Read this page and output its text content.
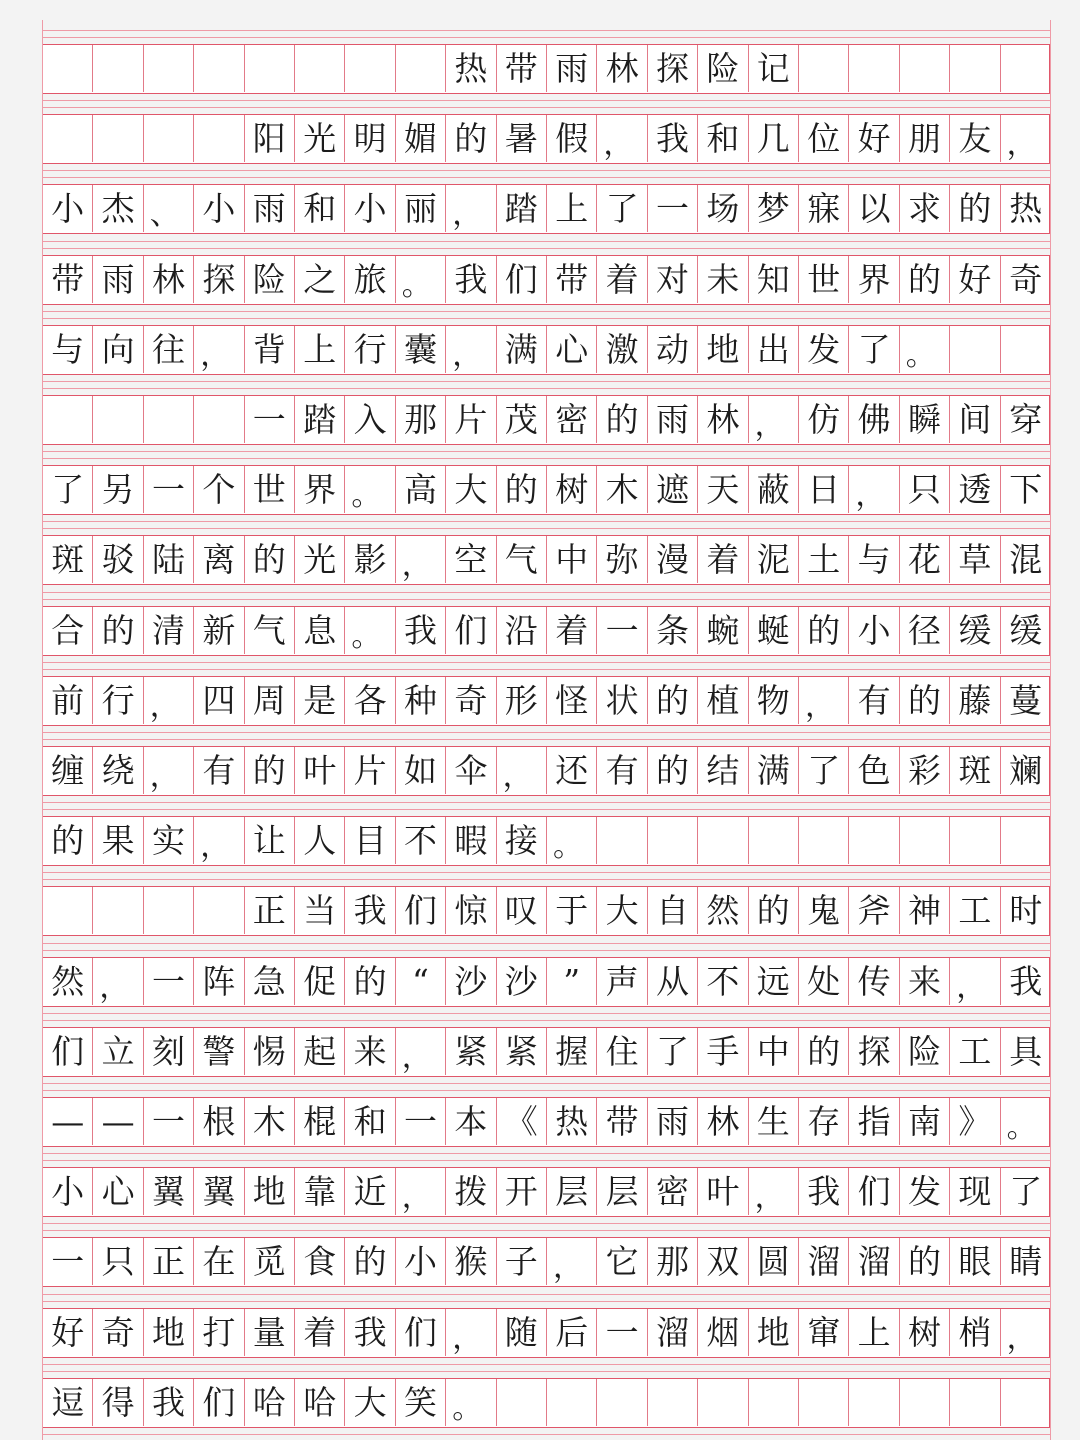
热 带 雨 林 探 险 记
阳 光 明 媚 的 暑 假 ， 我 和 几 位 好 朋 友 ，
小 杰 、 小 雨 和 小 丽 ， 踏 上 了 一 场 梦 寐 以 求 的 热
带 雨 林 探 险 之 旅 。 我 们 带 着 对 未 知 世 界 的 好 奇
与 向 往 ， 背 上 行 囊 ， 满 心 激 动 地 出 发 了 。
一 踏 入 那 片 茂 密 的 雨 林 ， 仿 佛 瞬 间 穿
了 另 一 个 世 界 。 高 大 的 树 木 遮 天 蔽 日 ， 只 透 下
斑 驳 陆 离 的 光 影 ， 空 气 中 弥 漫 着 泥 土 与 花 草 混
合 的 清 新 气 息 。 我 们 沿 着 一 条 蜿 蜒 的 小 径 缓 缓
前 行 ， 四 周 是 各 种 奇 形 怪 状 的 植 物 ， 有 的 藤 蔓
缠 绕 ， 有 的 叶 片 如 伞 ， 还 有 的 结 满 了 色 彩 斑 斓
的 果 实 ， 让 人 目 不 暇 接 。
正 当 我 们 惊 叹 于 大 自 然 的 鬼 斧 神 工 时
然 ， 一 阵 急 促 的 “ 沙 沙 ” 声 从 不 远 处 传 来 ， 我
们 立 刻 警 惕 起 来 ， 紧 紧 握 住 了 手 中 的 探 险 工 具
— — 一 根 木 棍 和 一 本 《 热 带 雨 林 生 存 指 南 》 。
小 心 翼 翼 地 靠 近 ， 拨 开 层 层 密 叶 ， 我 们 发 现 了
一 只 正 在 觅 食 的 小 猴 子 ， 它 那 双 圆 溜 溜 的 眼 睛
好 奇 地 打 量 着 我 们 ， 随 后 一 溜 烟 地 窜 上 树 梢 ，
逗 得 我 们 哈 哈 大 笑 。
